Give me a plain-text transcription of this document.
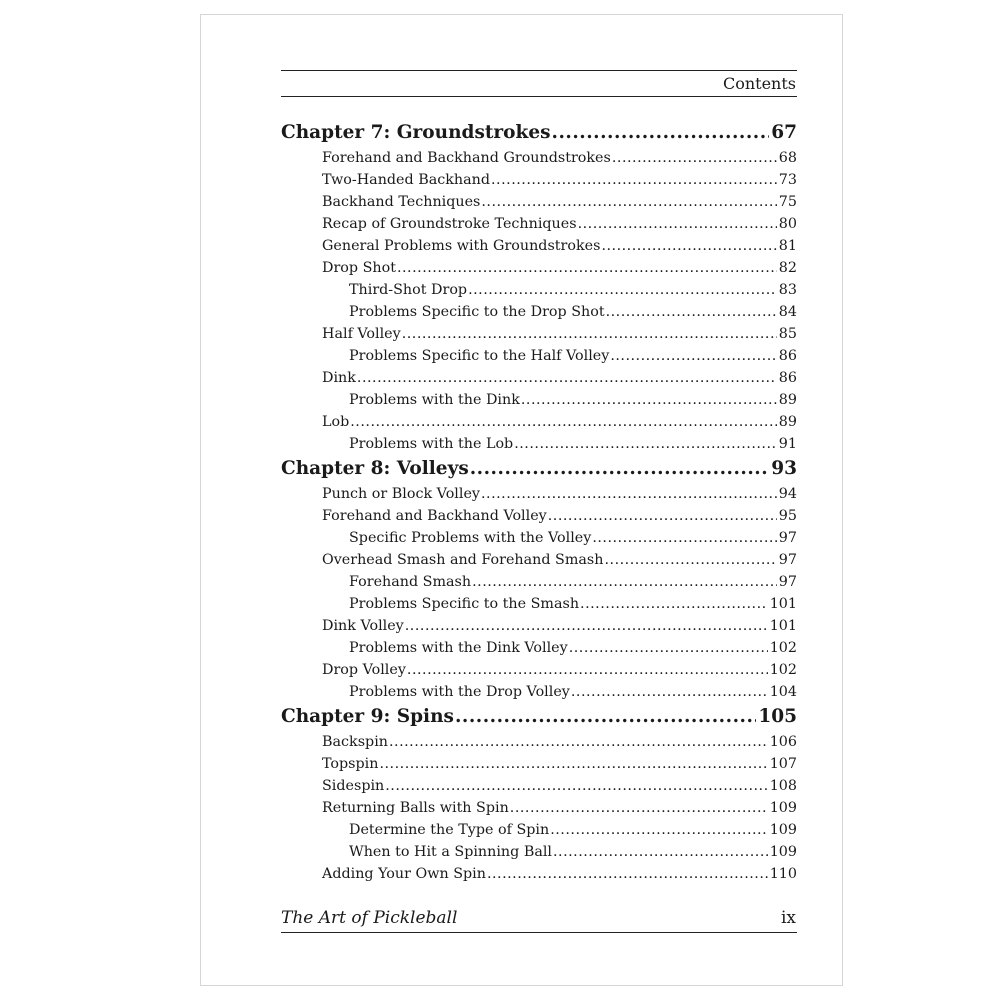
Contents
Chapter 7: Groundstrokes .....	67
Forehand and Backhand Groundstrokes .....	68
Two-Handed Backhand .....	73
Backhand Techniques .....	75
Recap of Groundstroke Techniques .....	80
General Problems with Groundstrokes .....	81
Drop Shot .....	82
Third-Shot Drop .....	83
Problems Specific to the Drop Shot .....	84
Half Volley .....	85
Problems Specific to the Half Volley .....	86
Dink .....	86
Problems with the Dink .....	89
Lob .....	89
Problems with the Lob .....	91
Chapter 8: Volleys .....	93
Punch or Block Volley .....	94
Forehand and Backhand Volley .....	95
Specific Problems with the Volley .....	97
Overhead Smash and Forehand Smash .....	97
Forehand Smash .....	97
Problems Specific to the Smash .....	101
Dink Volley .....	101
Problems with the Dink Volley .....	102
Drop Volley .....	102
Problems with the Drop Volley .....	104
Chapter 9: Spins .....	105
Backspin .....	106
Topspin .....	107
Sidespin .....	108
Returning Balls with Spin .....	109
Determine the Type of Spin .....	109
When to Hit a Spinning Ball .....	109
Adding Your Own Spin .....	110
The Art of Pickleball	ix
